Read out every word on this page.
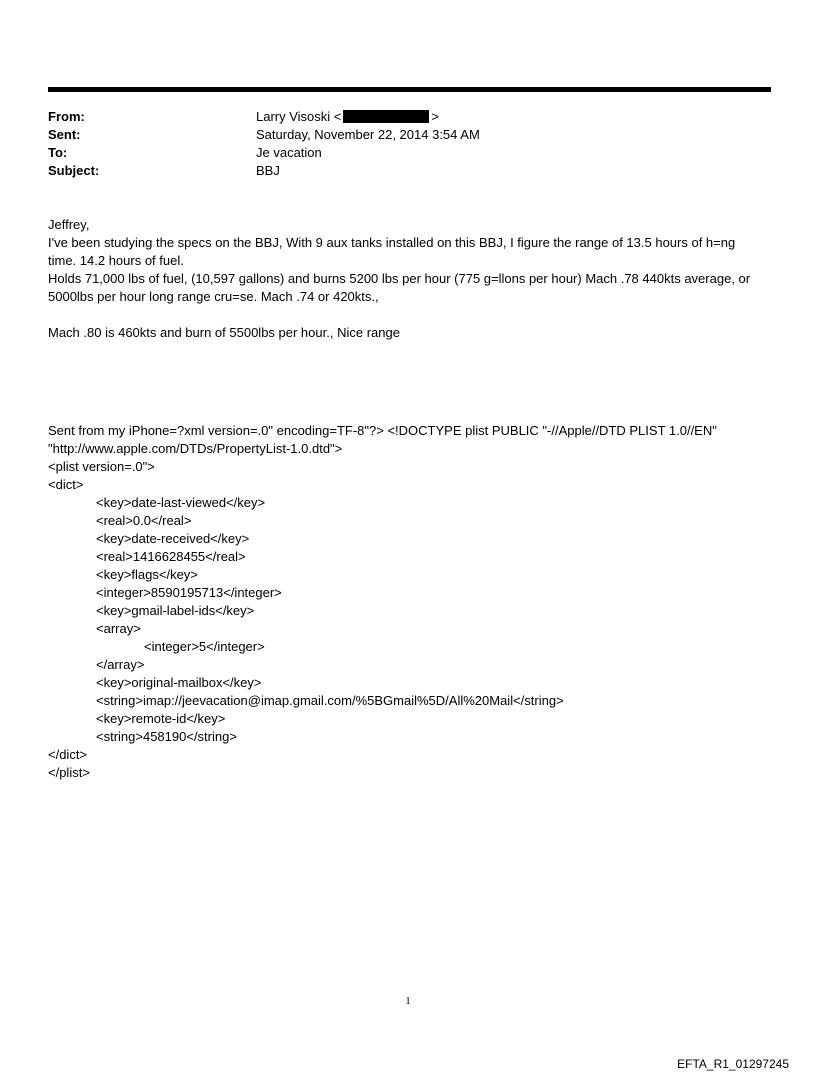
From:	Larry Visoski <	>
Sent:	Saturday, November 22, 2014 3:54 AM
To:	Je vacation
Subject:	BBJ

Jeffrey,

I've been studying the specs on the BBJ, With 9 aux tanks installed on this BBJ, I figure the range of 13.5 hours of h=ng

time. 14.2 hours of fuel.

Holds 71,000 lbs of fuel, (10,597 gallons) and burns 5200 lbs per hour (775 g=llons per hour) Mach .78 440kts average, or

5000lbs per hour long range cru=se. Mach .74 or 420kts.,

Mach .80 is 460kts and burn of 5500lbs per hour., Nice range

Sent from my iPhone=?xml version=.0" encoding=TF-8"?> <!DOCTYPE plist PUBLIC "-//Apple//DTD PLIST 1.0//EN"

"http://www.apple.com/DTDs/PropertyList-1.0.dtd">

<plist version=.0">

<dict>

<key>date-last-viewed</key>

<real>0.0</real>

<key>date-received</key>

<real>1416628455</real>

<key>flags</key>

<integer>8590195713</integer>

<key>gmail-label-ids</key>

<array>

<integer>5</integer>

</array>

<key>original-mailbox</key>

<string>imap://jeevacation@imap.gmail.com/%5BGmail%5D/All%20Mail</string>

<key>remote-id</key>

<string>458190</string>

</dict>

</plist>

1
EFTA_R1_01297245
